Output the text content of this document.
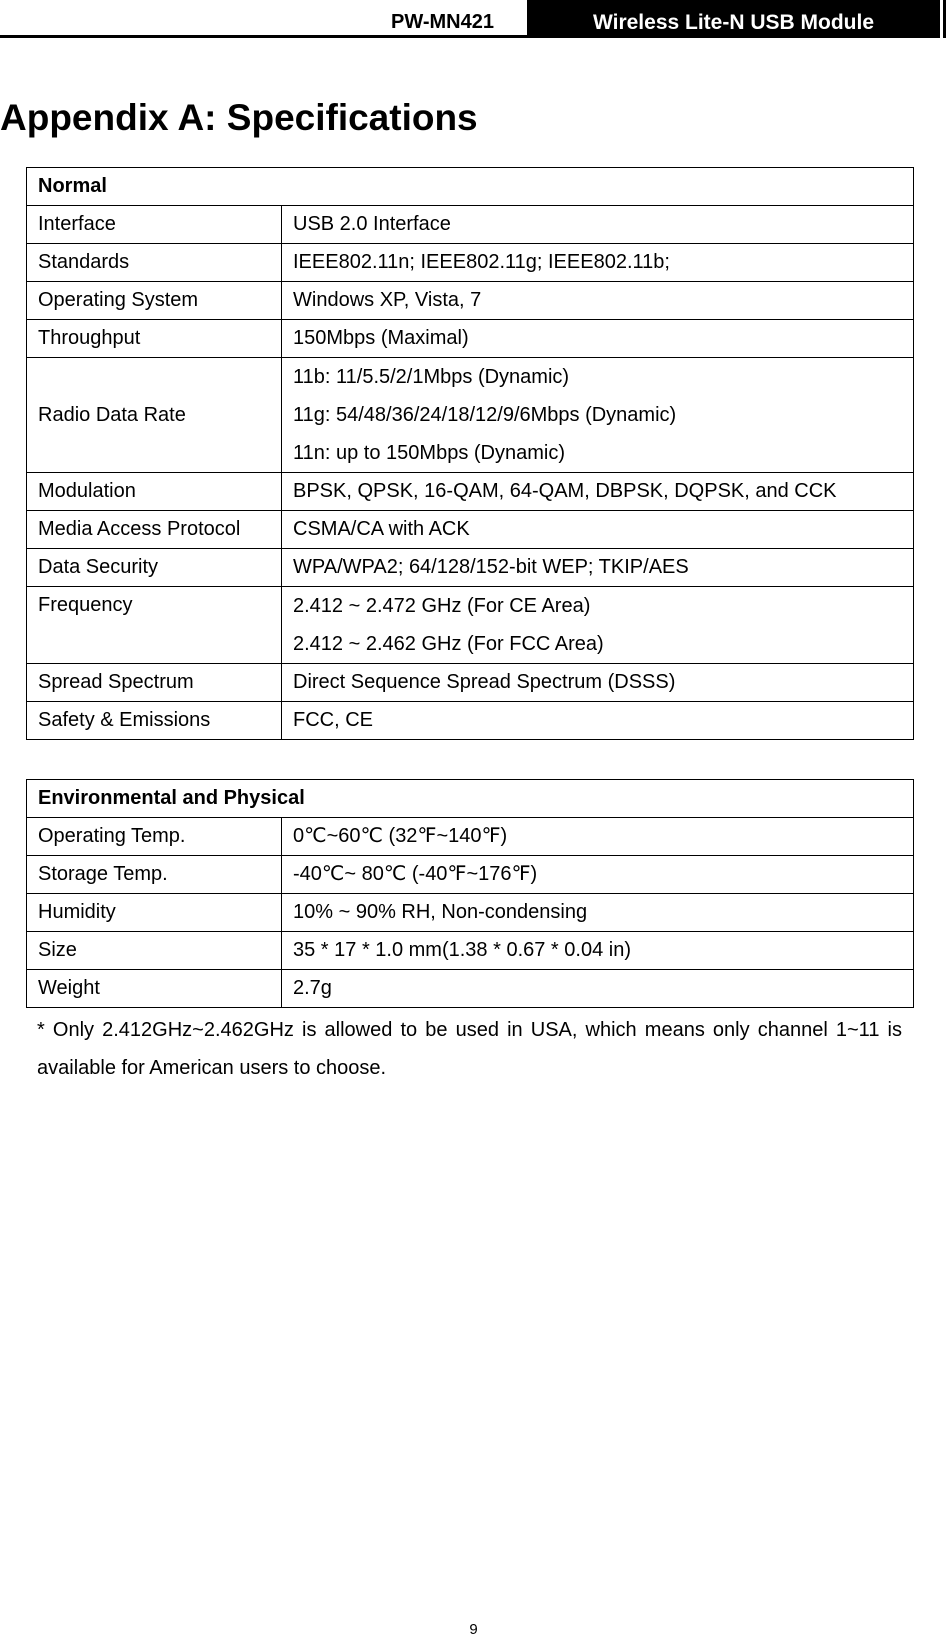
PW-MN421	Wireless Lite-N USB Module
Appendix A: Specifications
Normal	
Interface	USB 2.0 Interface
Standards	IEEE802.11n; IEEE802.11g; IEEE802.11b;
Operating System	Windows XP, Vista, 7
Throughput	150Mbps (Maximal)
Radio Data Rate	11b: 11/5.5/2/1Mbps (Dynamic)
11g: 54/48/36/24/18/12/9/6Mbps (Dynamic)
11n: up to 150Mbps (Dynamic)

Modulation	BPSK, QPSK, 16-QAM, 64-QAM, DBPSK, DQPSK, and CCK
Media Access Protocol	CSMA/CA with ACK
Data Security	WPA/WPA2; 64/128/152-bit WEP; TKIP/AES
Frequency	2.412 ~ 2.472 GHz (For CE Area)
2.412 ~ 2.462 GHz (For FCC Area)

Spread Spectrum	Direct Sequence Spread Spectrum (DSSS)
Safety & Emissions	FCC, CE
Environmental and Physical	
Operating Temp.	0℃~60℃ (32℉~140℉)
Storage Temp.	-40℃~ 80℃ (-40℉~176℉)
Humidity	10% ~ 90% RH, Non-condensing
Size	35 * 17 * 1.0 mm(1.38 * 0.67 * 0.04 in)
Weight	2.7g

* Only 2.412GHz~2.462GHz is allowed to be used in USA, which means only channel 1~11 is available for American users to choose.

9
